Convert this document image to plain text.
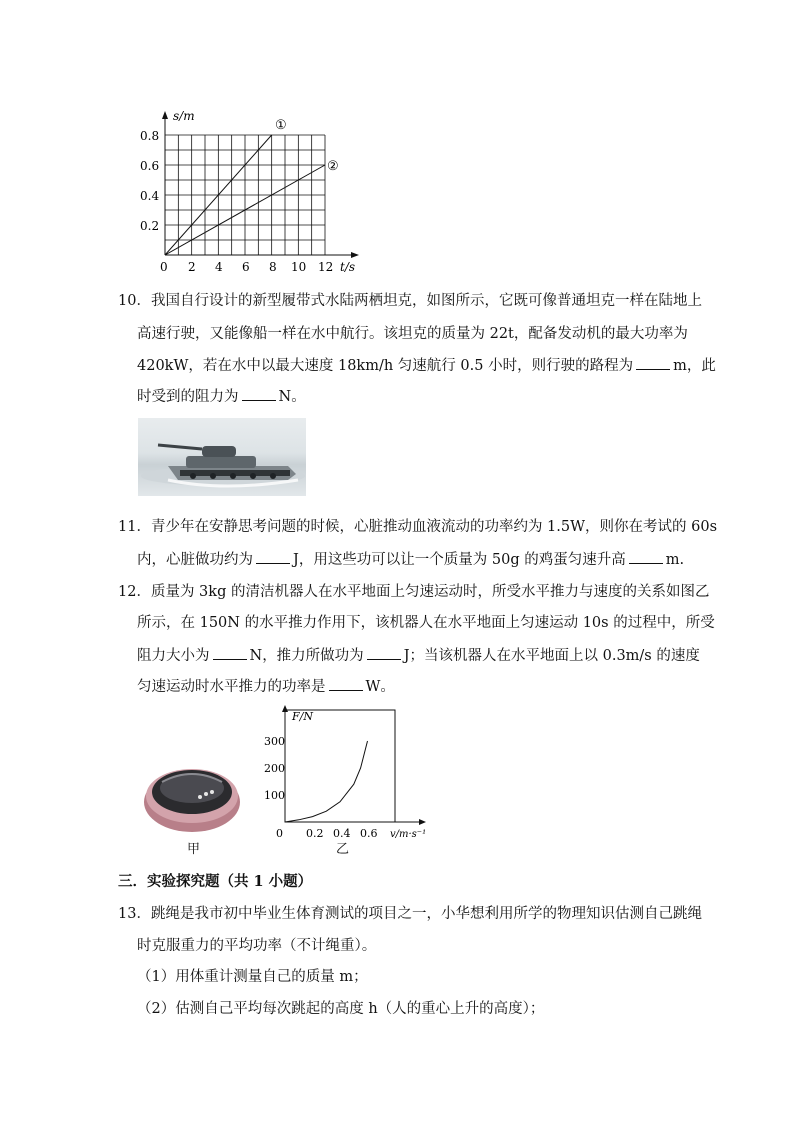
s/m
t/s
0.8
0.6
0.4
0.2
0 2 4 6 8 10 12
①
②
10．我国自行设计的新型履带式水陆两栖坦克，如图所示，它既可像普通坦克一样在陆地上
高速行驶，又能像船一样在水中航行。该坦克的质量为 22t，配备发动机的最大功率为
420kW，若在水中以最大速度 18km/h 匀速航行 0.5 小时，则行驶的路程为	m，此
时受到的阻力为	N。
11．青少年在安静思考问题的时候，心脏推动血液流动的功率约为 1.5W，则你在考试的 60s
内，心脏做功约为	J，用这些功可以让一个质量为 50g 的鸡蛋匀速升高	m.
12．质量为 3kg 的清洁机器人在水平地面上匀速运动时，所受水平推力与速度的关系如图乙
所示，在 150N 的水平推力作用下，该机器人在水平地面上匀速运动 10s 的过程中，所受
阻力大小为	N，推力所做功为	J；当该机器人在水平地面上以 0.3m/s 的速度
匀速运动时水平推力的功率是	W。
甲
F/N
v/m·s⁻¹
300
200
100
0 0.2 0.4 0.6
乙
三．实验探究题（共 1 小题）
13．跳绳是我市初中毕业生体育测试的项目之一，小华想利用所学的物理知识估测自己跳绳
时克服重力的平均功率（不计绳重）。
（1）用体重计测量自己的质量 m；
（2）估测自己平均每次跳起的高度 h（人的重心上升的高度）；
